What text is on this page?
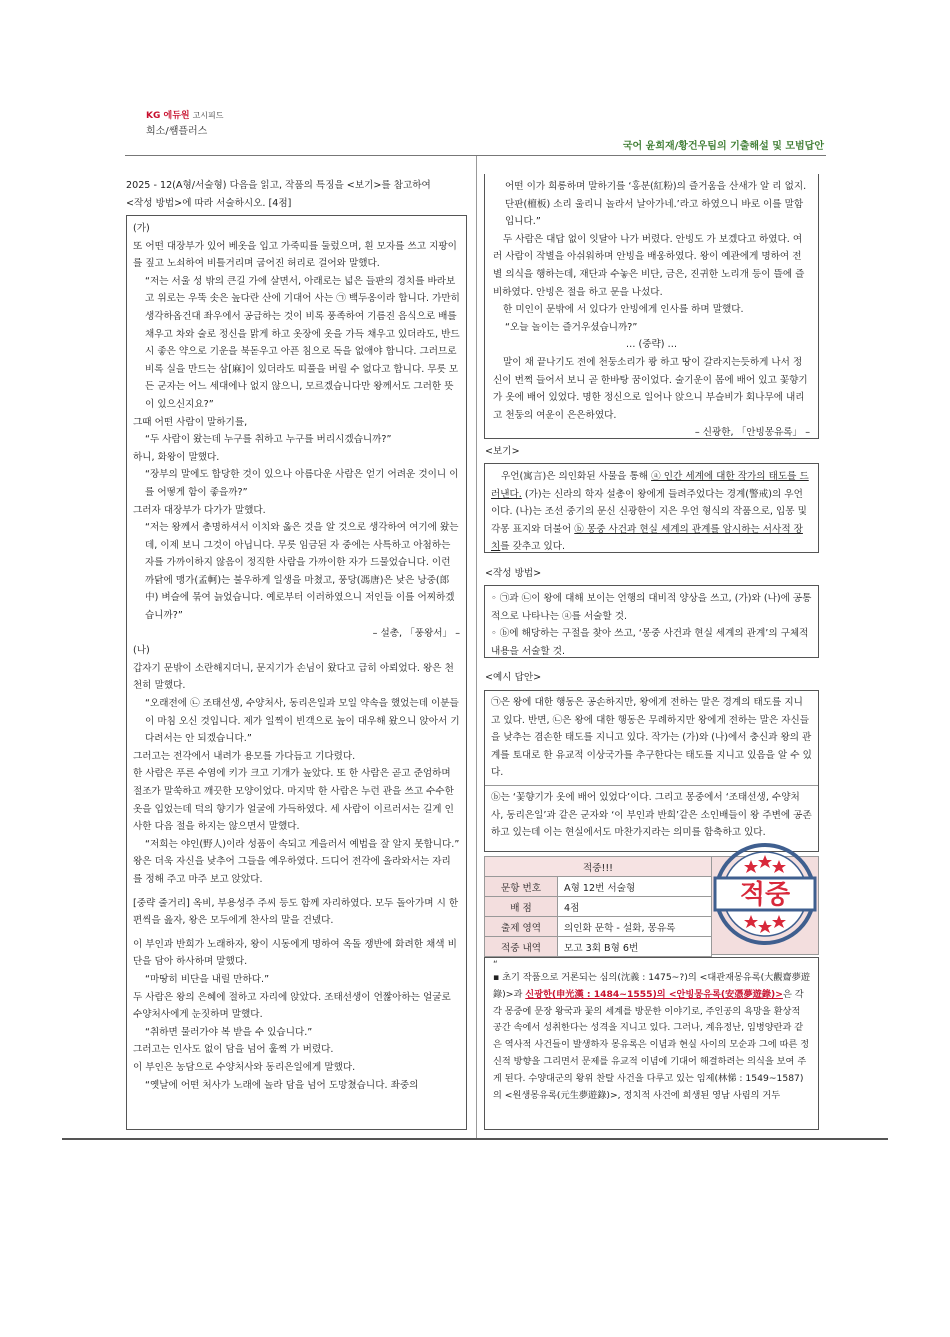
KG 에듀원 고시피드
희소/쌤플러스
국어 윤희재/황건우팀의 기출해설 및 모범답안
2025 - 12(A형/서술형) 다음을 읽고, 작품의 특징을 <보기>를 참고하여
<작성 방법>에 따라 서술하시오. [4점]

(가)

또 어떤 대장부가 있어 베옷을 입고 가죽띠를 둘렀으며, 흰 모자를 쓰고 지팡이를 짚고 노쇠하여 비틀거리며 굽어진 허리로 걸어와 말했다.

“저는 서울 성 밖의 큰길 가에 살면서, 아래로는 넓은 들판의 경치를 바라보고 위로는 우뚝 솟은 높다란 산에 기대어 사는 ㉠ 백두옹이라 합니다. 가만히 생각하옵건대 좌우에서 공급하는 것이 비록 풍족하여 기름진 음식으로 배를 채우고 차와 술로 정신을 맑게 하고 옷장에 옷을 가득 채우고 있더라도, 반드시 좋은 약으로 기운을 북돋우고 아픈 침으로 독을 없애야 합니다. 그러므로 비록 실을 만드는 삼[麻]이 있더라도 띠풀을 버릴 수 없다고 합니다. 무릇 모든 군자는 어느 세대에나 없지 않으니, 모르겠습니다만 왕께서도 그러한 뜻이 있으신지요?”

그때 어떤 사람이 말하기를,

“두 사람이 왔는데 누구를 취하고 누구를 버리시겠습니까?”

하니, 화왕이 말했다.

“장부의 말에도 합당한 것이 있으나 아름다운 사람은 얻기 어려운 것이니 이를 어떻게 함이 좋을까?”

그러자 대장부가 다가가 말했다.

“저는 왕께서 총명하셔서 이치와 옳은 것을 알 것으로 생각하여 여기에 왔는데, 이제 보니 그것이 아닙니다. 무릇 임금된 자 중에는 사특하고 아첨하는 자를 가까이하지 않음이 정직한 사람을 가까이한 자가 드물었습니다. 이런 까닭에 맹가(孟軻)는 불우하게 일생을 마쳤고, 풍당(馮唐)은 낮은 낭중(郎中) 벼슬에 묶여 늙었습니다. 예로부터 이러하였으니 저인들 이를 어찌하겠습니까?”

– 설총, 「풍왕서」 –

(나)

갑자기 문밖이 소란해지더니, 문지기가 손님이 왔다고 급히 아뢰었다. 왕은 천천히 말했다.

“오래전에 ㉡ 조태선생, 수양처사, 동리은일과 모일 약속을 했었는데 이분들이 마침 오신 것입니다. 제가 일찍이 빈객으로 높이 대우해 왔으니 앉아서 기다려서는 안 되겠습니다.”

그러고는 전각에서 내려가 용모를 가다듬고 기다렸다.

한 사람은 푸른 수염에 키가 크고 기개가 높았다. 또 한 사람은 곧고 준엄하며 절조가 말쑥하고 깨끗한 모양이었다. 마지막 한 사람은 누런 관을 쓰고 수수한 옷을 입었는데 덕의 향기가 얼굴에 가득하였다. 세 사람이 이르러서는 길게 인사한 다음 절을 하지는 않으면서 말했다.

“저희는 야인(野人)이라 성품이 속되고 게을러서 예법을 잘 알지 못합니다.”

왕은 더욱 자신을 낮추어 그들을 예우하였다. 드디어 전각에 올라와서는 자리를 정해 주고 마주 보고 앉았다.

[중략 줄거리] 옥비, 부용성주 주씨 등도 함께 자리하였다. 모두 돌아가며 시 한 편씩을 읊자, 왕은 모두에게 찬사의 말을 건넸다.

이 부인과 반희가 노래하자, 왕이 시동에게 명하여 옥돌 쟁반에 화려한 채색 비단을 담아 하사하며 말했다.

“마땅히 비단을 내릴 만하다.”

두 사람은 왕의 은혜에 절하고 자리에 앉았다. 조태선생이 언짢아하는 얼굴로 수양처사에게 눈짓하며 말했다.

“취하면 물러가야 복 받을 수 있습니다.”

그러고는 인사도 없이 담을 넘어 훌쩍 가 버렸다.

이 부인은 농담으로 수양처사와 동리은일에게 말했다.

“옛날에 어떤 처사가 노래에 놀라 담을 넘어 도망쳤습니다. 좌중의

어떤 이가 희롱하며 말하기를 ‘홍분(紅粉)의 즐거움을 산새가 알 리 없지. 단판(檀板) 소리 울리니 놀라서 날아가네.’라고 하였으니 바로 이를 말함입니다.”

두 사람은 대답 없이 잇달아 나가 버렸다. 안빙도 가 보겠다고 하였다. 여러 사람이 작별을 아쉬워하며 안빙을 배웅하였다. 왕이 예관에게 명하여 전별 의식을 행하는데, 재단과 수놓은 비단, 금은, 진귀한 노리개 등이 뜰에 즐비하였다. 안빙은 절을 하고 문을 나섰다.

한 미인이 문밖에 서 있다가 안빙에게 인사를 하며 말했다.

“오늘 놀이는 즐거우셨습니까?”

… (중략) …

말이 채 끝나기도 전에 천둥소리가 쾅 하고 땅이 갈라지는듯하게 나서 정신이 번쩍 들어서 보니 곧 한바탕 꿈이었다. 술기운이 몸에 배어 있고 꽃향기가 옷에 배어 있었다. 명한 정신으로 일어나 앉으니 부슬비가 회나무에 내리고 천둥의 여운이 은은하였다.

– 신광한, 「안빙몽유록」 –

<보기>
우언(寓言)은 의인화된 사물을 통해 ⓐ 인간 세계에 대한 작가의 태도를 드러낸다. (가)는 신라의 학자 설총이 왕에게 들려주었다는 경계(警戒)의 우언이다. (나)는 조선 중기의 문신 신광한이 지은 우언 형식의 작품으로, 입몽 및 각몽 표지와 더불어 ⓑ 몽중 사건과 현실 세계의 관계를 암시하는 서사적 장치를 갖추고 있다.
<작성 방법>
◦ ㉠과 ㉡이 왕에 대해 보이는 언행의 대비적 양상을 쓰고, (가)와 (나)에 공통적으로 나타나는 ⓐ를 서술할 것.
◦ ⓑ에 해당하는 구절을 찾아 쓰고, ‘몽중 사건과 현실 세계의 관계’의 구체적 내용을 서술할 것.
<예시 답안>
㉠은 왕에 대한 행동은 공손하지만, 왕에게 전하는 말은 경계의 태도를 지니고 있다. 반면, ㉡은 왕에 대한 행동은 무례하지만 왕에게 전하는 말은 자신들을 낮추는 겸손한 태도를 지니고 있다. 작가는 (가)와 (나)에서 충신과 왕의 관계를 토대로 한 유교적 이상국가를 추구한다는 태도를 지니고 있음을 알 수 있다.
ⓑ는 ‘꽃향기가 옷에 배어 있었다’이다. 그리고 몽중에서 ‘조태선생, 수양처사, 동리은일’과 같은 군자와 ‘이 부인과 반희’같은 소인배들이 왕 주변에 공존하고 있는데 이는 현실에서도 마찬가지라는 의미를 함축하고 있다.
적중!!!	
문항 번호	A형 12번 서술형
배 점	4점
출제 영역	의인화 문학 - 설화, 몽유록
적중 내역	모고 3회 B형 6번
적중
“
▪ 초기 작품으로 거론되는 심의(沈義 : 1475~?)의 <대관재몽유록(大觀齋夢遊錄)>과 신광한(申光漢 : 1484~1555)의 <안빙몽유록(安憑夢遊錄)>은 각각 몽중에 문장 왕국과 꽃의 세계를 방문한 이야기로, 주인공의 욕망을 환상적 공간 속에서 성취한다는 성격을 지니고 있다. 그러나, 계유정난, 임병양란과 같은 역사적 사건들이 발생하자 몽유록은 이념과 현실 사이의 모순과 그에 따른 정신적 방향을 그리면서 문제를 유교적 이념에 기대어 해결하려는 의식을 보여 주게 된다. 수양대군의 왕위 찬탈 사건을 다루고 있는 임제(林悌 : 1549~1587)의 <원생몽유록(元生夢遊錄)>, 정치적 사건에 희생된 영남 사림의 거두
